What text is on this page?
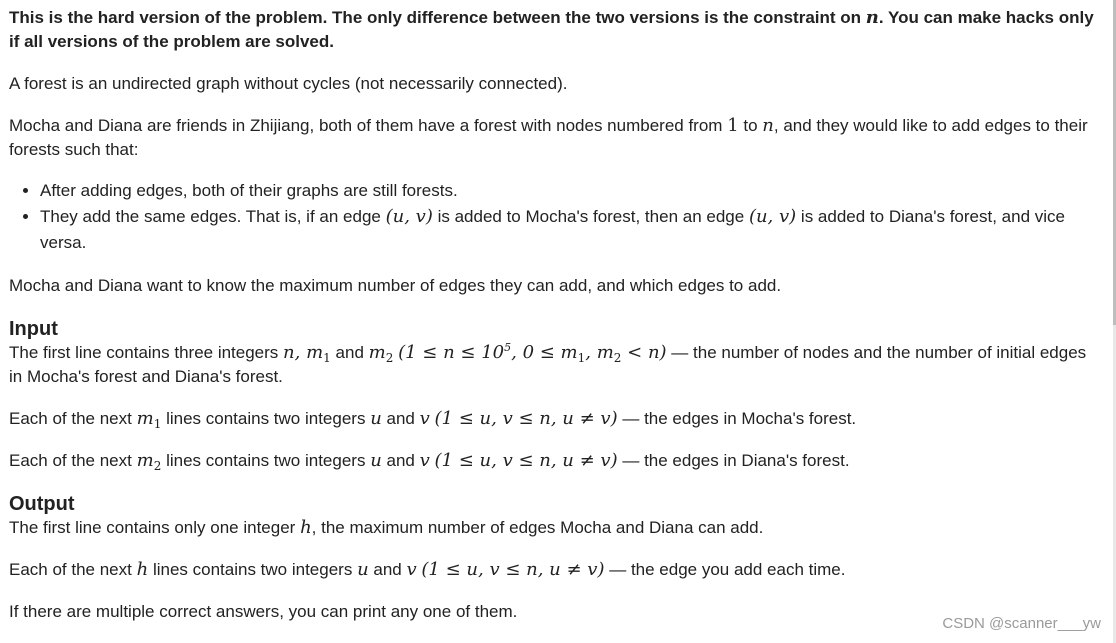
This is the hard version of the problem. The only difference between the two versions is the constraint on n. You can make hacks only if all versions of the problem are solved.

A forest is an undirected graph without cycles (not necessarily connected).

Mocha and Diana are friends in Zhijiang, both of them have a forest with nodes numbered from 1 to n, and they would like to add edges to their forests such that:

• After adding edges, both of their graphs are still forests.
• They add the same edges. That is, if an edge (u, v) is added to Mocha's forest, then an edge (u, v) is added to Diana's forest, and vice versa.

Mocha and Diana want to know the maximum number of edges they can add, and which edges to add.

Input

The first line contains three integers n, $m_1$ and $m_2$ ($1 \le n \le 10^5$, $0 \le m_1$, $m_2 < n$) — the number of nodes and the number of initial edges in Mocha's forest and Diana's forest.

Each of the next $m_1$ lines contains two integers u and v (1 ≤ u, v ≤ n, u ≠ v) — the edges in Mocha's forest.

Each of the next $m_2$ lines contains two integers u and v (1 ≤ u, v ≤ n, u ≠ v) — the edges in Diana's forest.

Output

The first line contains only one integer h, the maximum number of edges Mocha and Diana can add.

Each of the next h lines contains two integers u and v (1 ≤ u, v ≤ n, u ≠ v) — the edge you add each time.

If there are multiple correct answers, you can print any one of them.

CSDN @scanner___yw
